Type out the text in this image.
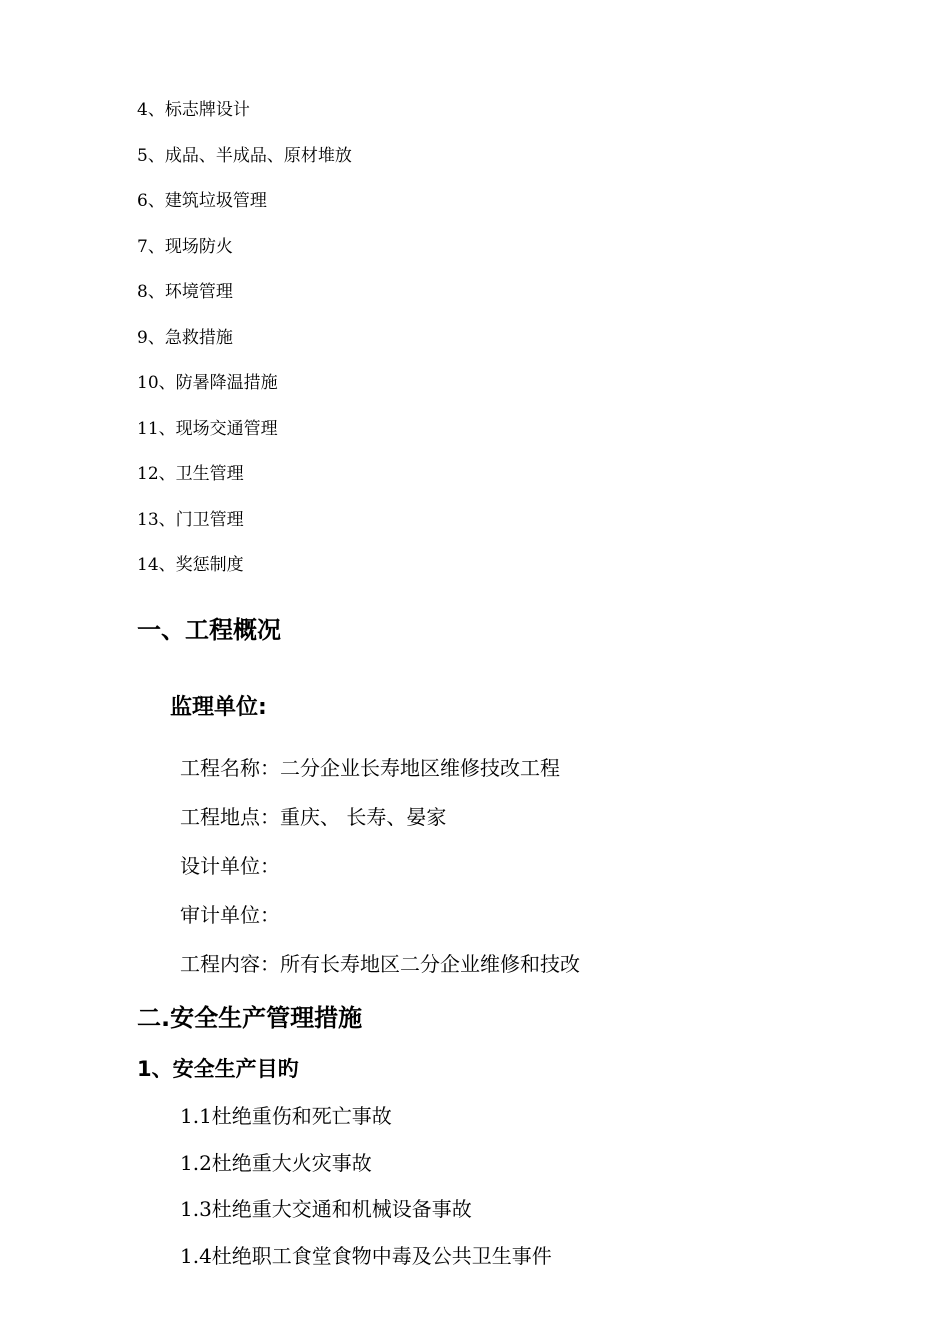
4、标志牌设计
5、成品、半成品、原材堆放
6、建筑垃圾管理
7、现场防火
8、环境管理
9、急救措施
10、防暑降温措施
11、现场交通管理
12、卫生管理
13、门卫管理
14、奖惩制度
一、工程概况
监理单位:
工程名称：二分企业长寿地区维修技改工程
工程地点：重庆、 长寿、晏家
设计单位：
审计单位：
工程内容：所有长寿地区二分企业维修和技改
二.安全生产管理措施
1、安全生产目旳
1.1杜绝重伤和死亡事故
1.2杜绝重大火灾事故
1.3杜绝重大交通和机械设备事故
1.4杜绝职工食堂食物中毒及公共卫生事件
